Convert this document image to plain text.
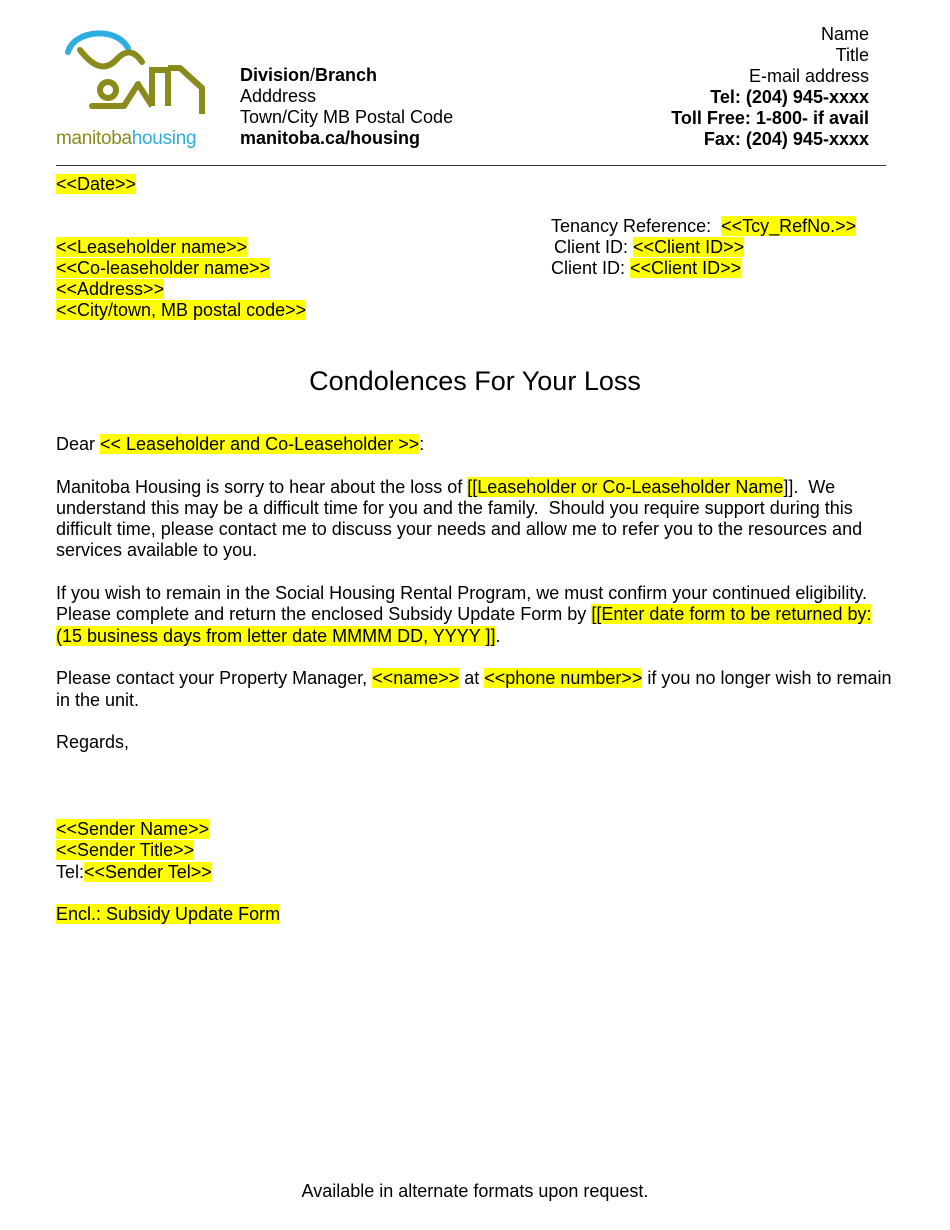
manitobahousing
Division/Branch
Adddress
Town/City MB Postal Code
manitoba.ca/housing
Name
Title
E-mail address
Tel: (204) 945-xxxx
Toll Free: 1-800- if avail
Fax: (204) 945-xxxx
<<Date>>
<<Leaseholder name>>
<<Co-leaseholder name>>
<<Address>>
<<City/town, MB postal code>>
Tenancy Reference:  <<Tcy_RefNo.>>
Client ID: <<Client ID>>
Client ID: <<Client ID>>
Condolences For Your Loss

Dear << Leaseholder and Co-Leaseholder >>:

Manitoba Housing is sorry to hear about the loss of [[Leaseholder or Co-Leaseholder Name]].  We understand this may be a difficult time for you and the family.  Should you require support during this difficult time, please contact me to discuss your needs and allow me to refer you to the resources and services available to you.

If you wish to remain in the Social Housing Rental Program, we must confirm your continued eligibility. Please complete and return the enclosed Subsidy Update Form by [[Enter date form to be returned by: (15 business days from letter date MMMM DD, YYYY ]].

Please contact your Property Manager, <<name>> at <<phone number>> if you no longer wish to remain in the unit.

Regards,

<<Sender Name>>
<<Sender Title>>
Tel:<<Sender Tel>>
Encl.: Subsidy Update Form
Available in alternate formats upon request.
